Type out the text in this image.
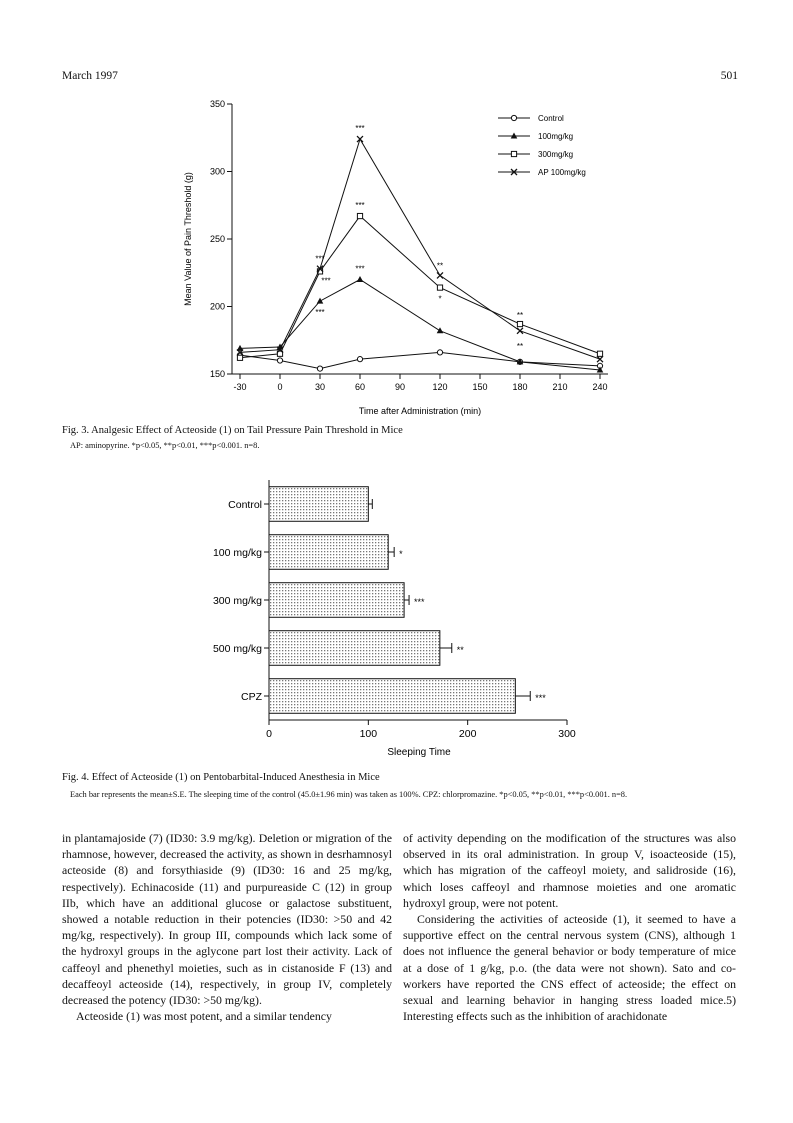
March 1997	501
150
200
250
300
350
-30	0	30	60	90	120	150	180	210	240
Time after Administration (min)
Mean Value of Pain Threshold (g)
***
***
***
***
*
**
***
***
**
**
Control
100mg/kg
300mg/kg
AP 100mg/kg
Fig. 3. Analgesic Effect of Acteoside (1) on Tail Pressure Pain Threshold in Mice
AP: aminopyrine. *p<0.05, **p<0.01, ***p<0.001. n=8.
Control
100 mg/kg	*
300 mg/kg	***
500 mg/kg	**
CPZ	***
0	100	200	300
Sleeping Time
Fig. 4. Effect of Acteoside (1) on Pentobarbital-Induced Anesthesia in Mice
Each bar represents the mean±S.E. The sleeping time of the control (45.0±1.96 min) was taken as 100%. CPZ: chlorpromazine. *p<0.05, **p<0.01, ***p<0.001. n=8.

in plantamajoside (7) (ID30: 3.9 mg/kg). Deletion or migration of the rhamnose, however, decreased the activity, as shown in desrhamnosyl acteoside (8) and forsythiaside (9) (ID30: 16 and 25 mg/kg, respectively). Echinacoside (11) and purpureaside C (12) in group IIb, which have an additional glucose or galactose substituent, showed a notable reduction in their potencies (ID30: >50 and 42 mg/kg, respectively). In group III, compounds which lack some of the hydroxyl groups in the aglycone part lost their activity. Lack of caffeoyl and phenethyl moieties, such as in cistanoside F (13) and decaffeoyl acteoside (14), respectively, in group IV, completely decreased the potency (ID30: >50 mg/kg).

Acteoside (1) was most potent, and a similar tendency

of activity depending on the modification of the structures was also observed in its oral administration. In group V, isoacteoside (15), which has migration of the caffeoyl moiety, and salidroside (16), which loses caffeoyl and rhamnose moieties and one aromatic hydroxyl group, were not potent.

Considering the activities of acteoside (1), it seemed to have a supportive effect on the central nervous system (CNS), although 1 does not influence the general behavior or body temperature of mice at a dose of 1 g/kg, p.o. (the data were not shown). Sato and co-workers have reported the CNS effect of acteoside; the effect on sexual and learning behavior in hanging stress loaded mice.5) Interesting effects such as the inhibition of arachidonate
